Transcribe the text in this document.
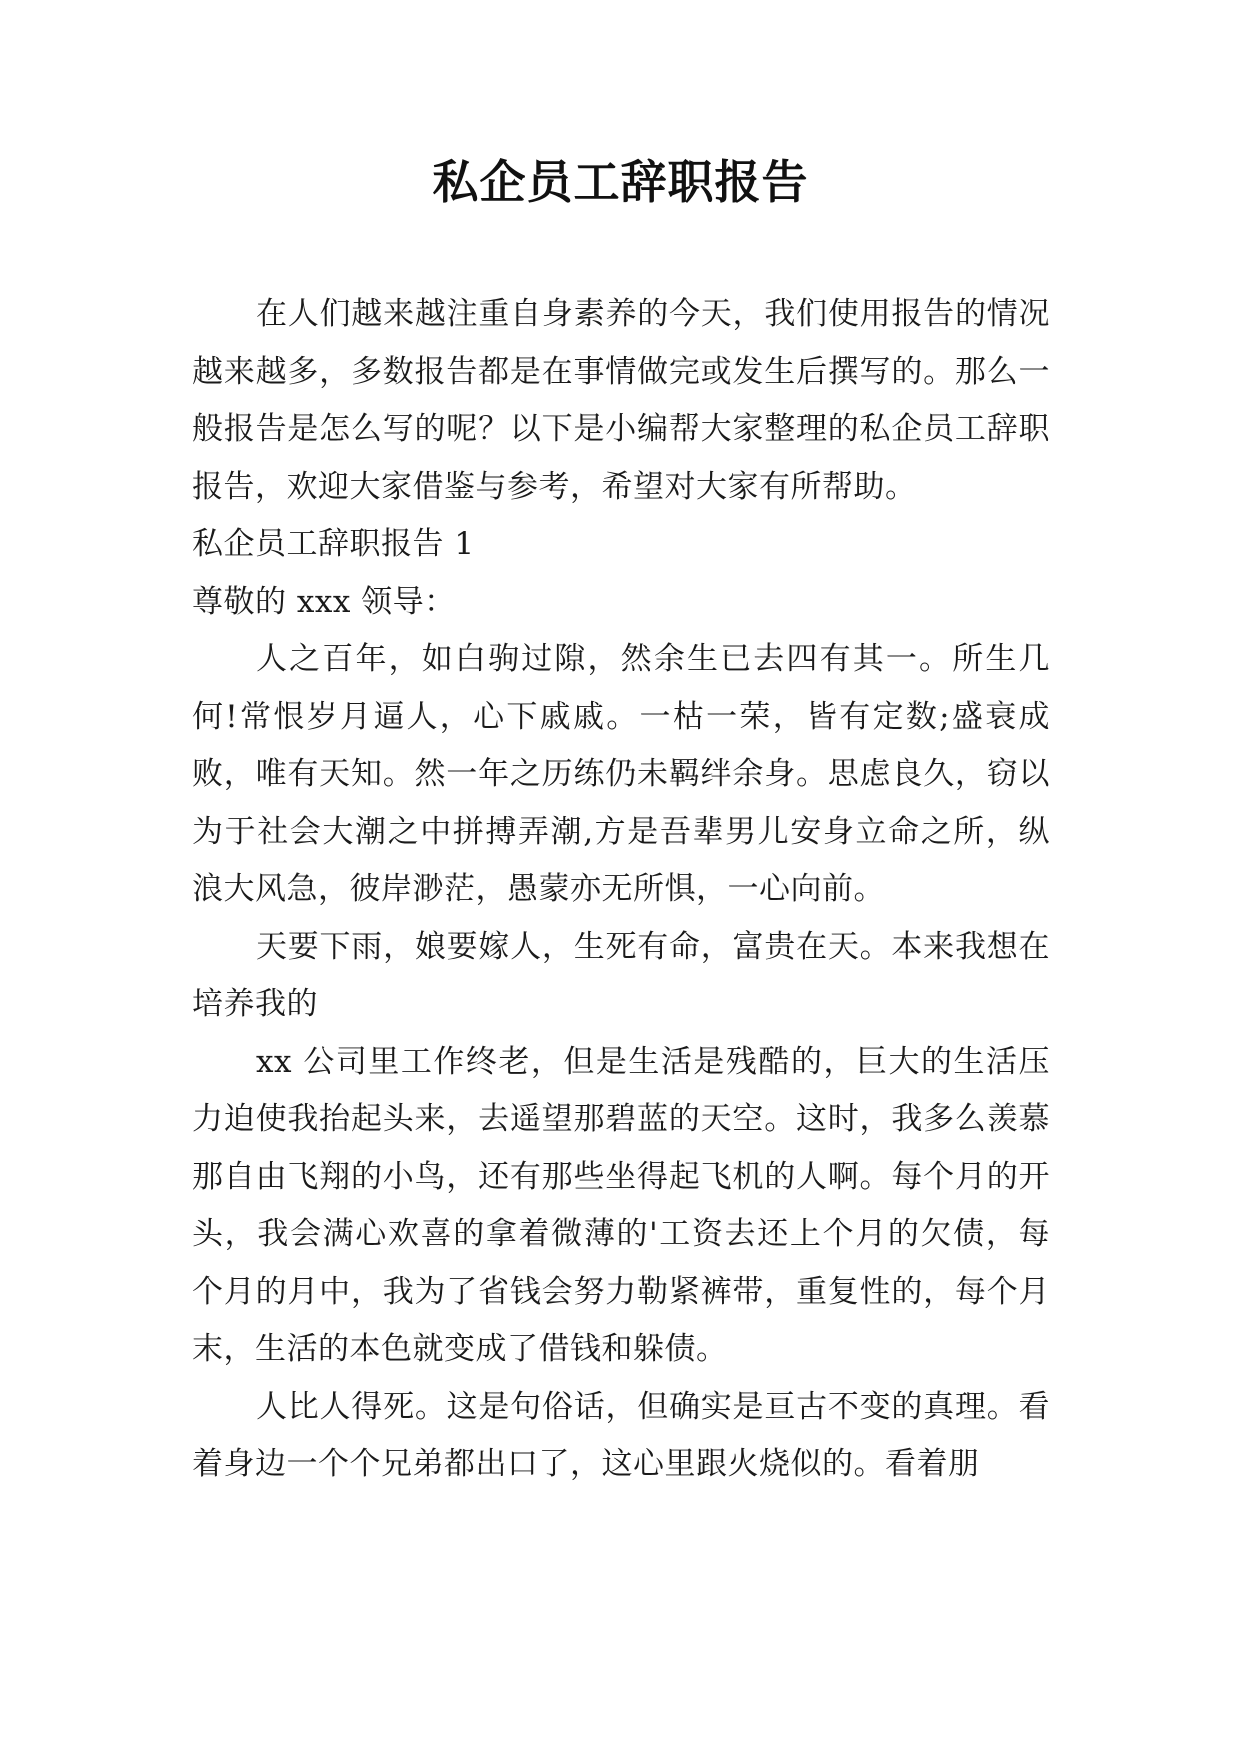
私企员工辞职报告

在人们越来越注重自身素养的今天，我们使用报告的情况越来越多，多数报告都是在事情做完或发生后撰写的。那么一般报告是怎么写的呢？以下是小编帮大家整理的私企员工辞职报告，欢迎大家借鉴与参考，希望对大家有所帮助。

私企员工辞职报告 1

尊敬的 xxx 领导：

人之百年，如白驹过隙，然余生已去四有其一。所生几何!常恨岁月逼人，心下戚戚。一枯一荣，皆有定数;盛衰成败，唯有天知。然一年之历练仍未羁绊余身。思虑良久，窃以为于社会大潮之中拼搏弄潮,方是吾辈男儿安身立命之所，纵浪大风急，彼岸渺茫，愚蒙亦无所惧，一心向前。

天要下雨，娘要嫁人，生死有命，富贵在天。本来我想在培养我的

xx 公司里工作终老，但是生活是残酷的，巨大的生活压力迫使我抬起头来，去遥望那碧蓝的天空。这时，我多么羡慕那自由飞翔的小鸟，还有那些坐得起飞机的人啊。每个月的开头，我会满心欢喜的拿着微薄的'工资去还上个月的欠债，每个月的月中，我为了省钱会努力勒紧裤带，重复性的，每个月末，生活的本色就变成了借钱和躲债。

人比人得死。这是句俗话，但确实是亘古不变的真理。看着身边一个个兄弟都出口了，这心里跟火烧似的。看着朋
